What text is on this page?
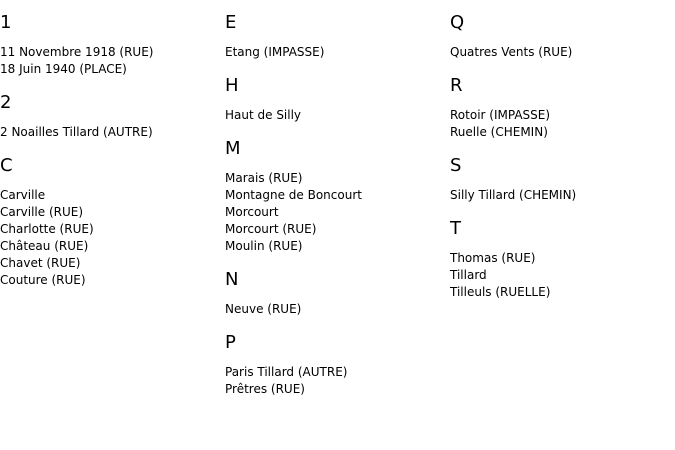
1
11 Novembre 1918 (RUE)
18 Juin 1940 (PLACE)
2
2 Noailles Tillard (AUTRE)
C
Carville
Carville (RUE)
Charlotte (RUE)
Château (RUE)
Chavet (RUE)
Couture (RUE)
E
Etang (IMPASSE)
H
Haut de Silly
M
Marais (RUE)
Montagne de Boncourt
Morcourt
Morcourt (RUE)
Moulin (RUE)
N
Neuve (RUE)
P
Paris Tillard (AUTRE)
Prêtres (RUE)
Q
Quatres Vents (RUE)
R
Rotoir (IMPASSE)
Ruelle (CHEMIN)
S
Silly Tillard (CHEMIN)
T
Thomas (RUE)
Tillard
Tilleuls (RUELLE)
